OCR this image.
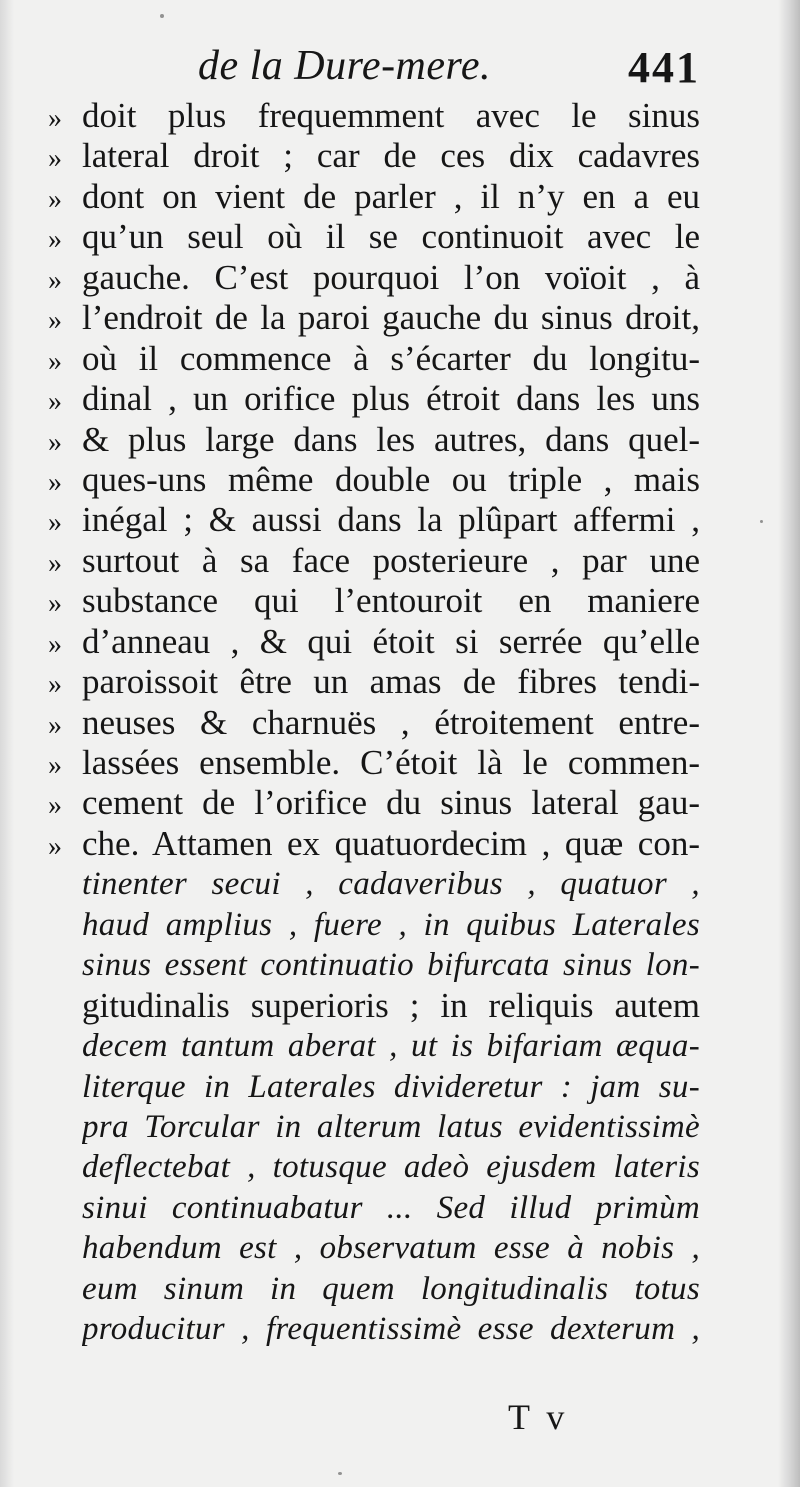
de la Dure-mere.	441
» doit plus frequemment avec le sinus
» lateral droit ; car de ces dix cadavres
» dont on vient de parler , il n’y en a eu
» qu’un seul où il se continuoit avec le
» gauche. C’est pourquoi l’on voïoit , à
» l’endroit de la paroi gauche du sinus droit,
» où il commence à s’écarter du longitu-
» dinal , un orifice plus étroit dans les uns
» & plus large dans les autres, dans quel-
» ques-uns même double ou triple , mais
» inégal ; & aussi dans la plûpart affermi ,
» surtout à sa face posterieure , par une
» substance qui l’entouroit en maniere
» d’anneau , & qui étoit si serrée qu’elle
» paroissoit être un amas de fibres tendi-
» neuses & charnuës , étroitement entre-
» lassées ensemble. C’étoit là le commen-
» cement de l’orifice du sinus lateral gau-
» che. Attamen ex quatuordecim , quæ con-
tinenter secui , cadaveribus , quatuor ,
haud amplius , fuere , in quibus Laterales
sinus essent continuatio bifurcata sinus lon-
gitudinalis superioris ; in reliquis autem
decem tantum aberat , ut is bifariam æqua-
literque in Laterales divideretur : jam su-
pra Torcular in alterum latus evidentissimè
deflectebat , totusque adeò ejusdem lateris
sinui continuabatur ... Sed illud primùm
habendum est , observatum esse à nobis ,
eum sinum in quem longitudinalis totus
producitur , frequentissimè esse dexterum ,
T v
